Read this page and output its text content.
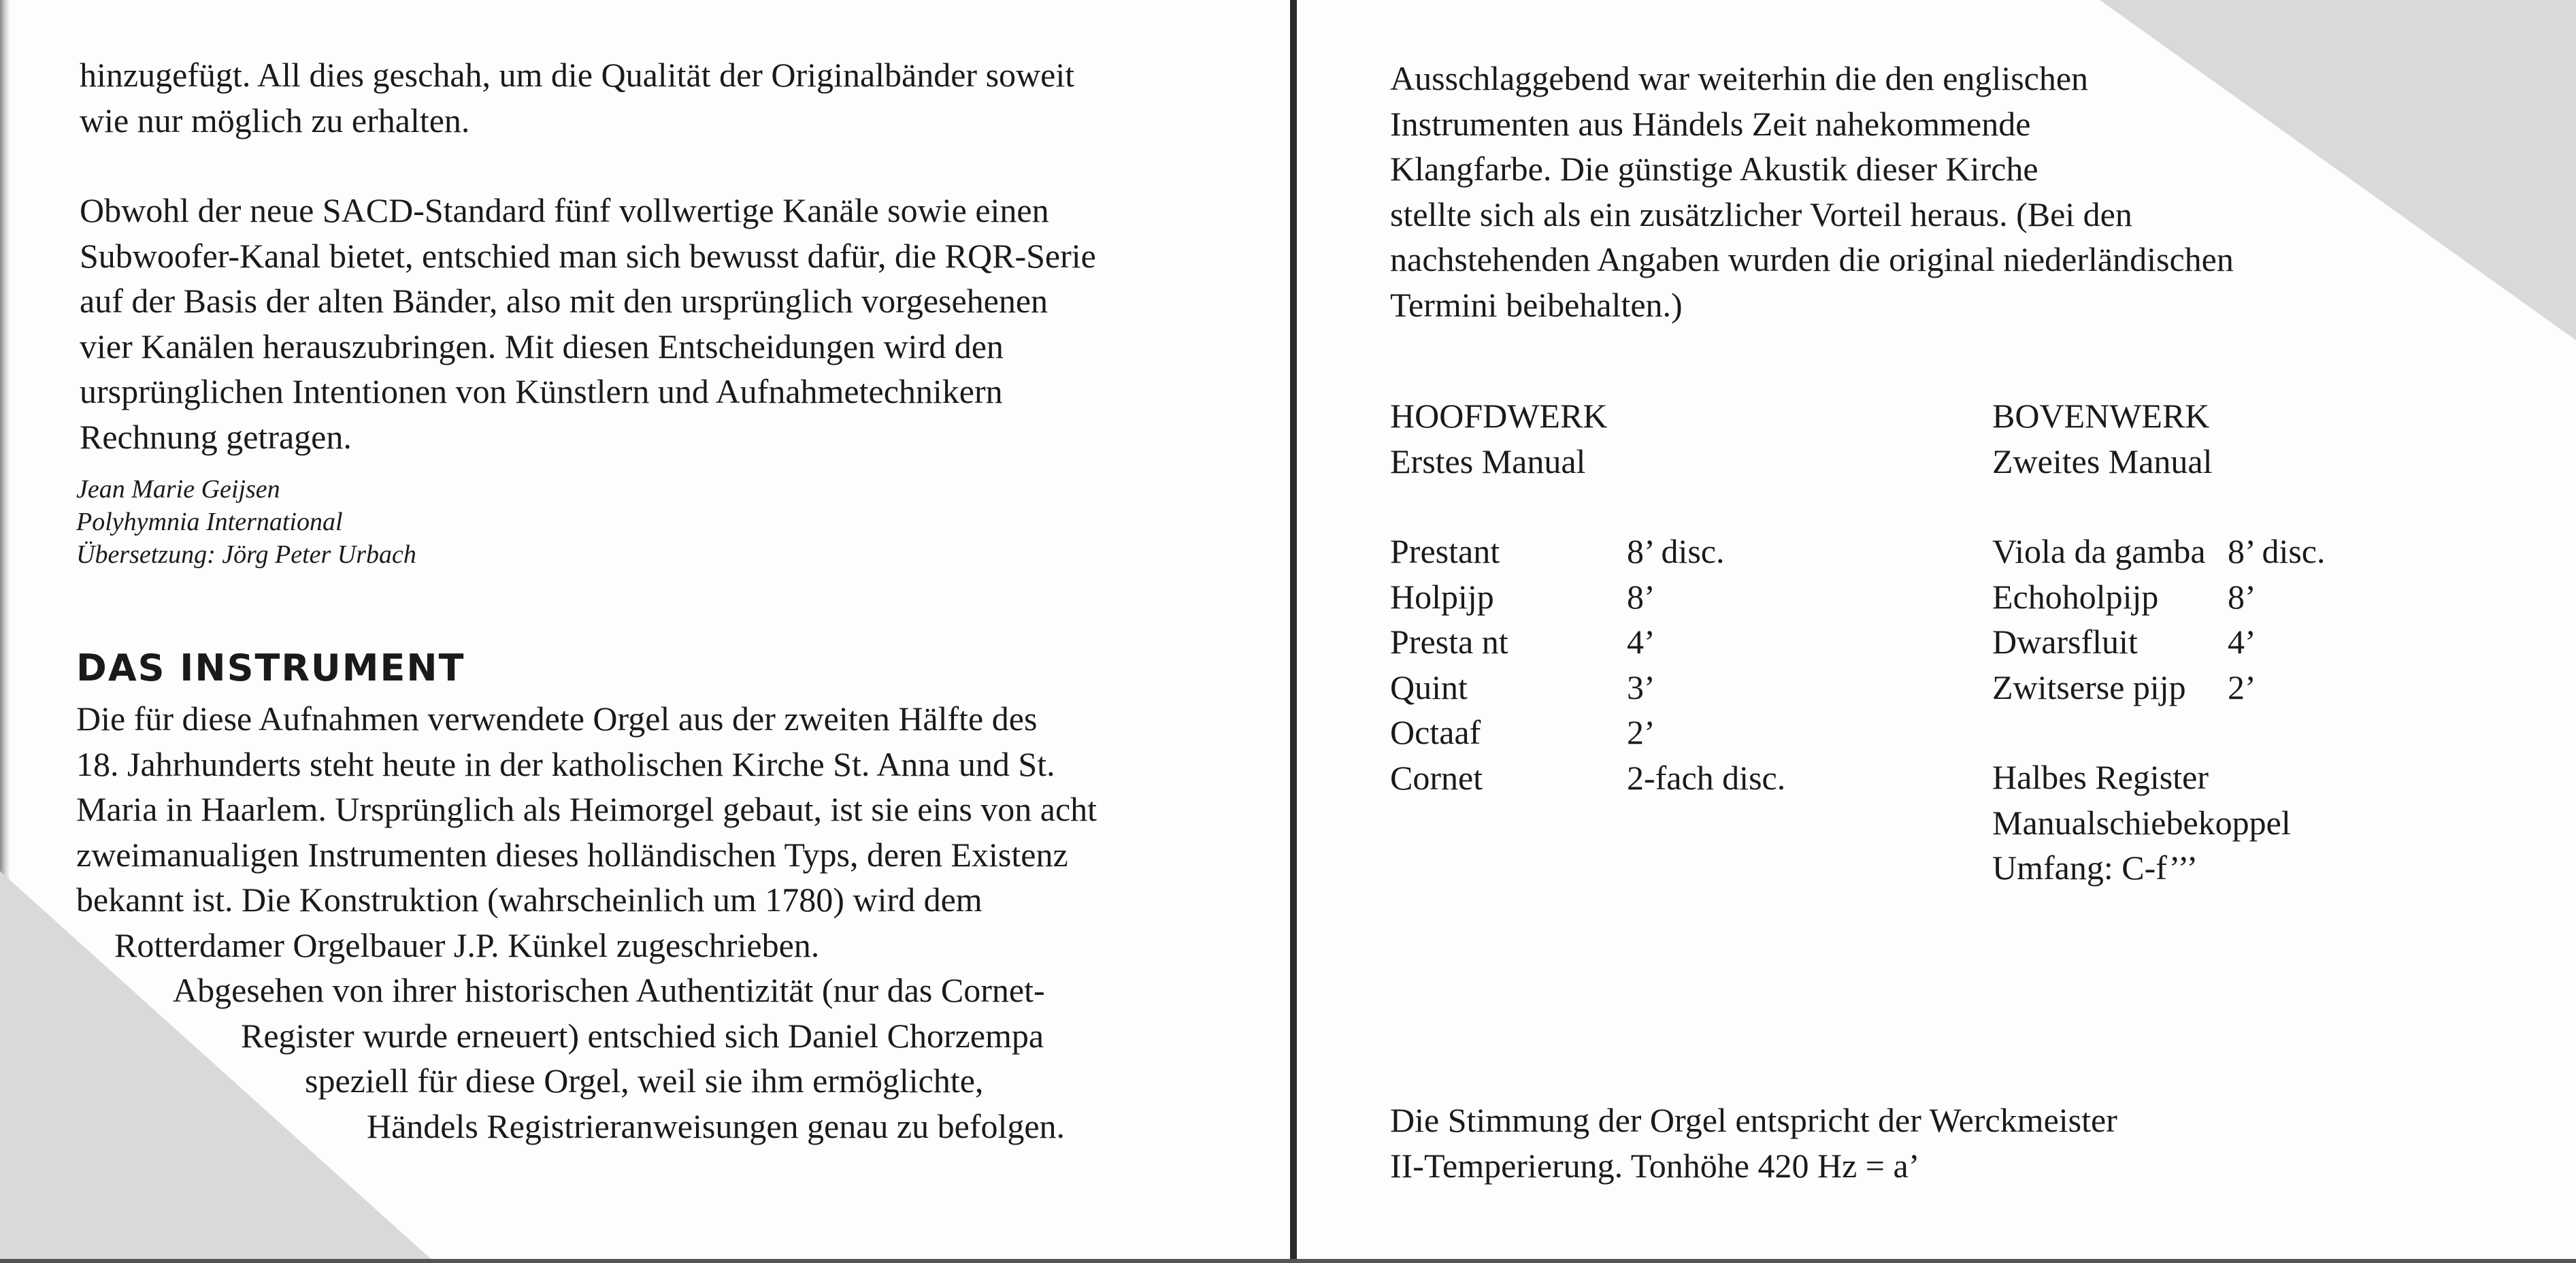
hinzugefügt. All dies geschah, um die Qualität der Originalbänder soweit
wie nur möglich zu erhalten.
Obwohl der neue SACD-Standard fünf vollwertige Kanäle sowie einen
Subwoofer-Kanal bietet, entschied man sich bewusst dafür, die RQR-Serie
auf der Basis der alten Bänder, also mit den ursprünglich vorgesehenen
vier Kanälen herauszubringen. Mit diesen Entscheidungen wird den
ursprünglichen Intentionen von Künstlern und Aufnahmetechnikern
Rechnung getragen.
Jean Marie Geijsen
Polyhymnia International
Übersetzung: Jörg Peter Urbach
DAS INSTRUMENT
Die für diese Aufnahmen verwendete Orgel aus der zweiten Hälfte des
18. Jahrhunderts steht heute in der katholischen Kirche St. Anna und St.
Maria in Haarlem. Ursprünglich als Heimorgel gebaut, ist sie eins von acht
zweimanualigen Instrumenten dieses holländischen Typs, deren Existenz
bekannt ist. Die Konstruktion (wahrscheinlich um 1780) wird dem
Rotterdamer Orgelbauer J.P. Künkel zugeschrieben.
Abgesehen von ihrer historischen Authentizität (nur das Cornet-
Register wurde erneuert) entschied sich Daniel Chorzempa
speziell für diese Orgel, weil sie ihm ermöglichte,
Händels Registrieranweisungen genau zu befolgen.
Ausschlaggebend war weiterhin die den englischen
Instrumenten aus Händels Zeit nahekommende
Klangfarbe. Die günstige Akustik dieser Kirche
stellte sich als ein zusätzlicher Vorteil heraus. (Bei den
nachstehenden Angaben wurden die original niederländischen
Termini beibehalten.)
HOOFDWERK
Erstes Manual
Prestant
Holpijp
Presta nt
Quint
Octaaf
Cornet
8’ disc.
8’
4’
3’
2’
2-fach disc.
BOVENWERK
Zweites Manual
Viola da gamba
Echoholpijp
Dwarsfluit
Zwitserse pijp
8’ disc.
8’
4’
2’
Halbes Register
Manualschiebekoppel
Umfang: C-f’’’
Die Stimmung der Orgel entspricht der Werckmeister
II-Temperierung. Tonhöhe 420 Hz = a’
